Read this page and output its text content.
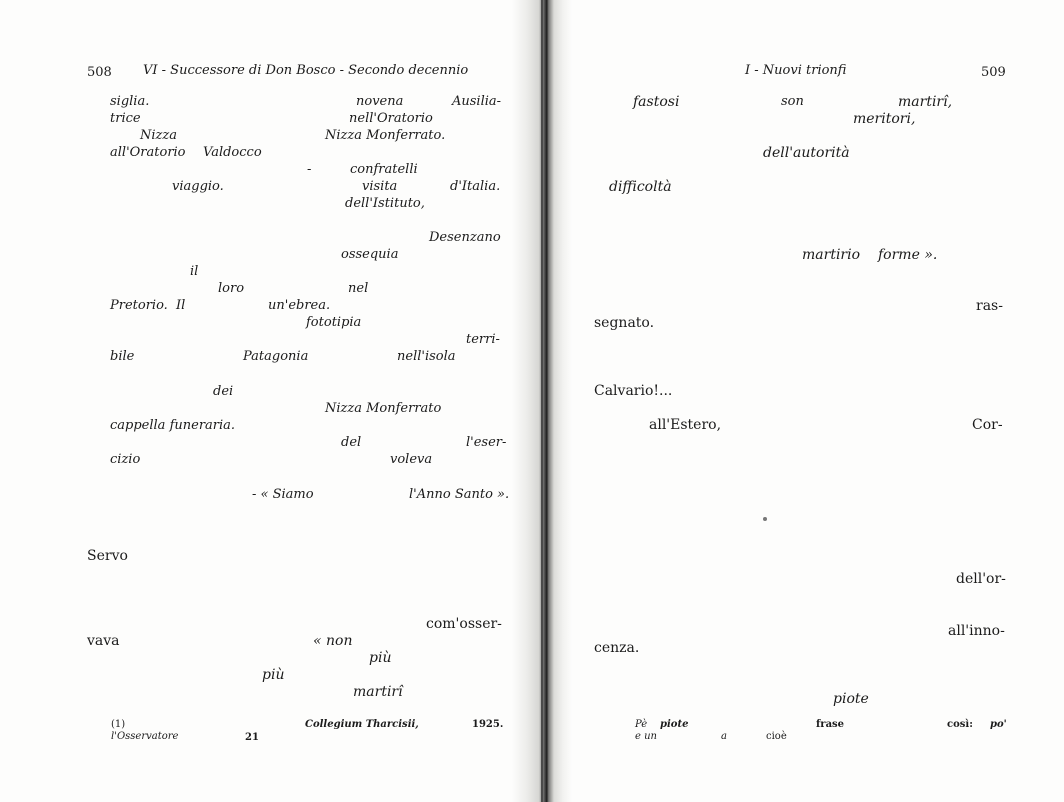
508 VI - Successore di Don Bosco - Secondo decennio
siglia.	novena	Ausilia-
trice	nell'Oratorio
Nizza	Nizza Monferrato.
all'Oratorio Valdocco
-	confratelli
viaggio.	visita	d'Italia.
dell'Istituto,
Desenzano
ossequia
il
loro	nel
Pretorio. Il	un'ebrea.
fototipia
terri-
bile	Patagonia	nell'isola
dei
Nizza Monferrato
cappella funeraria.
del	l'eser-
cizio	voleva
- « Siamo	l'Anno Santo ».
Servo
com'osser-
vava	« non
più
più
martirî
(1)	Collegium Tharcisii,	1925.
l'Osservatore	21
I - Nuovi trionfi	509
fastosi	son	martirî,
meritori,
dell'autorità
difficoltà
martirio forme ».
ras-
segnato.
Calvario!...
all'Estero,	Cor-
dell'or-
all'inno-
cenza.
piote
Pè piote	frase	così: po'
e un	a	cioè
